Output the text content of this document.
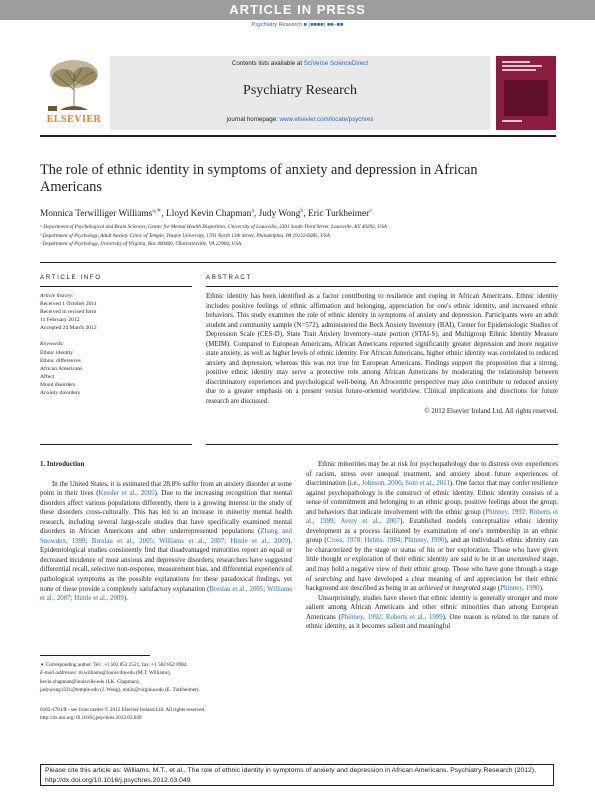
ARTICLE IN PRESS
Psychiatry Research ■ (■■■■) ■■–■■
ELSEVIER
Contents lists available at SciVerse ScienceDirect
Psychiatry Research
journal homepage: www.elsevier.com/locate/psychres
The role of ethnic identity in symptoms of anxiety and depression in African Americans
Monnica Terwilliger Williams$^{a,∗}$, Lloyd Kevin Chapman$^a$, Judy Wong$^b$, Eric Turkheimer$^c$
ᵃ Department of Psychological and Brain Sciences, Center for Mental Health Disparities, University of Louisville, 2301 South Third Street, Louisville, KY 40292, USA
ᵇ Department of Psychology, Adult Anxiety Clinic of Temple, Temple University, 1701 North 13th Street, Philadelphia, PA 19122-6085, USA
ᶜ Department of Psychology, University of Virginia, Box 400400, Charlottesville, VA 22904, USA
ARTICLE INFO	ABSTRACT
Article history:
Received 1 October 2011
Received in revised form
11 February 2012
Accepted 24 March 2012
Keywords:
Ethnic identity
Ethnic differences
African Americans
Affect
Mood disorders
Anxiety disorders
Ethnic identity has been identified as a factor contributing to resilience and coping in African Americans. Ethnic identity includes positive feelings of ethnic affirmation and belonging, appreciation for one's ethnic identity, and increased ethnic behaviors. This study examines the role of ethnic identity in symptoms of anxiety and depression. Participants were an adult student and community sample (N=572), administered the Beck Anxiety Inventory (BAI), Center for Epidemiologic Studies of Depression Scale (CES-D), State Trait Anxiety Inventory–state portion (STAI-S), and Multigroup Ethnic Identity Measure (MEIM). Compared to European Americans, African Americans reported significantly greater depression and more negative state anxiety, as well as higher levels of ethnic identity. For African Americans, higher ethnic identity was correlated to reduced anxiety and depression, whereas this was not true for European Americans. Findings support the proposition that a strong, positive ethnic identity may serve a protective role among African Americans by moderating the relationship between discriminatory experiences and psychological well-being. An Afrocentric perspective may also contribute to reduced anxiety due to a greater emphasis on a present versus future-oriented worldview. Clinical implications and directions for future research are discussed.
© 2012 Elsevier Ireland Ltd. All rights reserved.
1. Introduction

In the United States, it is estimated that 28.8% suffer from an anxiety disorder at some point in their lives (Kessler et al., 2005). Due to the increasing recognition that mental disorders affect various populations differently, there is a growing interest in the study of these disorders cross-culturally. This has led to an increase in minority mental health research, including several large-scale studies that have specifically examined mental disorders in African Americans and other underrepresented populations (Zhang and Snowden, 1999; Breslau et al., 2005; Williams et al., 2007; Himle et al., 2009). Epidemiological studies consistently find that disadvantaged minorities report an equal or decreased incidence of most anxious and depressive disorders; researchers have suggested differential recall, selective non-response, measurement bias, and differential experience of pathological symptoms as the possible explanations for these paradoxical findings, yet none of these provide a completely satisfactory explanation (Breslau et al., 2005; Williams et al., 2007; Himle et al., 2009).

Ethnic minorities may be at risk for psychopathology due to distress over experiences of racism, stress over unequal treatment, and anxiety about future experiences of discrimination (i.e., Johnson, 2006; Soto et al., 2011). One factor that may confer resilience against psychopathology is the construct of ethnic identity. Ethnic identity consists of a sense of commitment and belonging to an ethnic group, positive feelings about the group, and behaviors that indicate involvement with the ethnic group (Phinney, 1992; Roberts et al., 1999; Avery et al., 2007). Established models conceptualize ethnic identity development as a process facilitated by examination of one's membership in an ethnic group (Cross, 1978; Helms, 1984; Phinney, 1990), and an individual's ethnic identity can be characterized by the stage or status of his or her exploration. Those who have given little thought or exploration of their ethnic identity are said to be in an unexamined stage, and may hold a negative view of their ethnic group. Those who have gone through a stage of searching and have developed a clear meaning of and appreciation for their ethnic background are described as being in an achieved or integrated stage (Phinney, 1990).

Unsurprisingly, studies have shown that ethnic identity is generally stronger and more salient among African Americans and other ethnic minorities than among European Americans (Phinney, 1992; Roberts et al., 1999). One reason is related to the nature of ethnic identity, as it becomes salient and meaningful

∗ Corresponding author. Tel.: +1 502 852 2521; fax: +1 502 852 8904.
E-mail addresses: m.williams@louisville.edu (M.T. Williams),
kevin.chapman@louisville.edu (LK. Chapman),
judywong1221@temple.edu (J. Wong), ent3c@virginia.edu (E. Turkheimer).
0165-1781/$ - see front matter © 2012 Elsevier Ireland Ltd. All rights reserved.
http://dx.doi.org/10.1016/j.psychres.2012.03.049
Please cite this article as: Williams, M.T., et al., The role of ethnic identity in symptoms of anxiety and depression in African Americans. Psychiatry Research (2012), http://dx.doi.org/10.1016/j.psychres.2012.03.049
